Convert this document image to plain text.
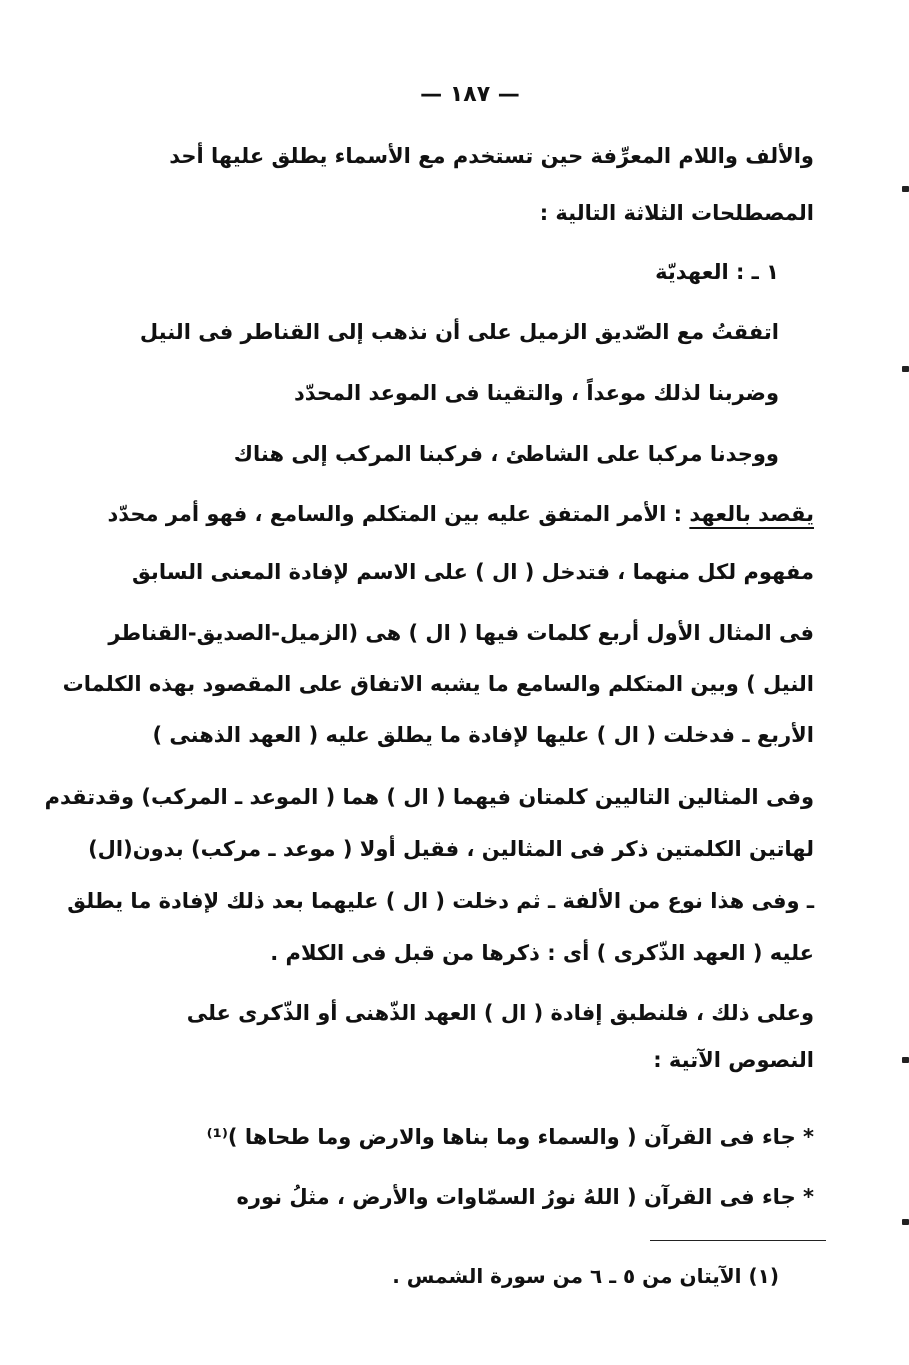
— ١٨٧ —
والألف واللام المعرِّفة حين تستخدم مع الأسماء يطلق عليها أحد
المصطلحات الثلاثة التالية :
١ ـ : العهديّة
اتفقتُ مع الصّديق الزميل على أن نذهب إلى القناطر فى النيل
وضربنا لذلك موعداً ، والتقينا فى الموعد المحدّد
ووجدنا مركبا على الشاطئ ، فركبنا المركب إلى هناك
يقصد بالعهد : الأمر المتفق عليه بين المتكلم والسامع ، فهو أمر محدّد
مفهوم لكل منهما ، فتدخل ( ال ) على الاسم لإفادة المعنى السابق
فى المثال الأول أربع كلمات فيها ( ال ) هى (الزميل-الصديق-القناطر
النيل ) وبين المتكلم والسامع ما يشبه الاتفاق على المقصود بهذه الكلمات
الأربع ـ فدخلت ( ال ) عليها لإفادة ما يطلق عليه ( العهد الذهنى )
وفى المثالين التاليين كلمتان فيهما ( ال ) هما ( الموعد ـ المركب) وقدتقدم
لهاتين الكلمتين ذكر فى المثالين ، فقيل أولا ( موعد ـ مركب) بدون(ال)
ـ وفى هذا نوع من الألفة ـ ثم دخلت ( ال ) عليهما بعد ذلك لإفادة ما يطلق
عليه ( العهد الذّكرى ) أى : ذكرها من قبل فى الكلام .
وعلى ذلك ، فلنطبق إفادة ( ال ) العهد الذّهنى أو الذّكرى على
النصوص الآتية :
* جاء فى القرآن ( والسماء وما بناها والارض وما طحاها )⁽¹⁾
* جاء فى القرآن ( اللهُ نورُ السمّاوات والأرض ، مثلُ نوره
(١) الآيتان من ٥ ـ ٦ من سورة الشمس .
